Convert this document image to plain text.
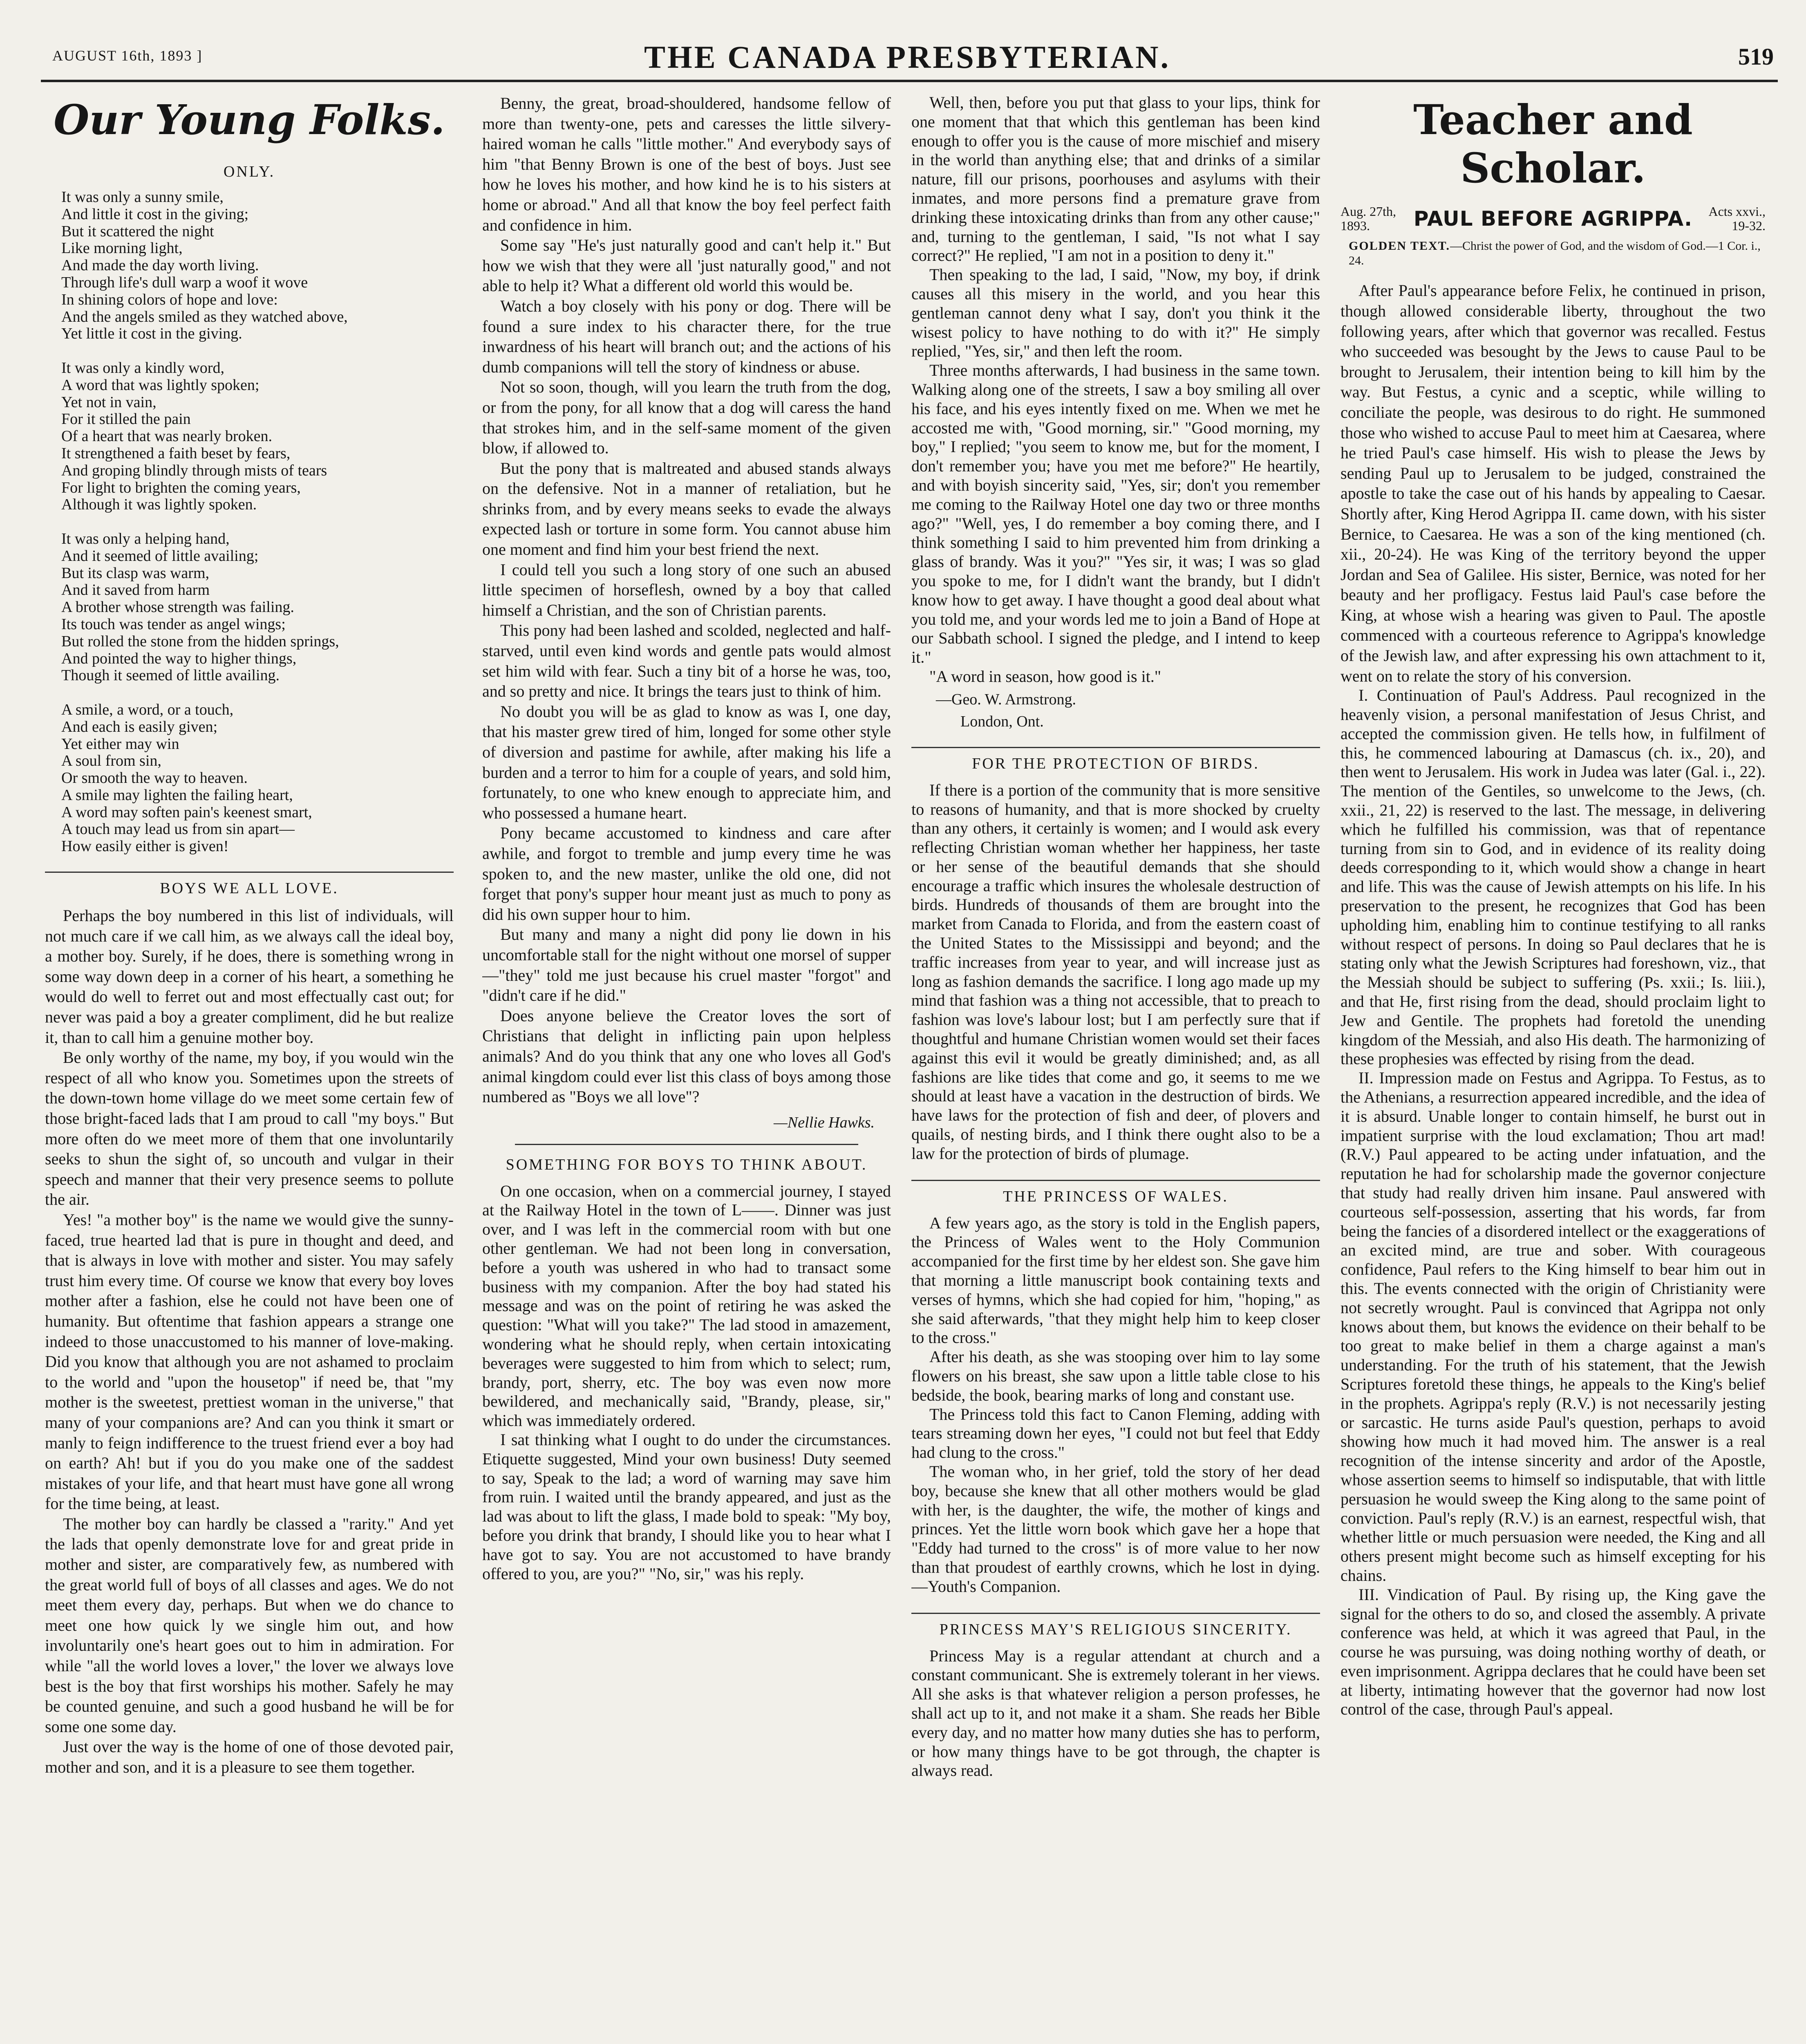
AUGUST 16th, 1893 ]	THE CANADA PRESBYTERIAN.	519
Our Young Folks.
ONLY.
It was only a sunny smile,
And little it cost in the giving;
But it scattered the night
Like morning light,
And made the day worth living.
Through life's dull warp a woof it wove
In shining colors of hope and love:
And the angels smiled as they watched above,
Yet little it cost in the giving.

It was only a kindly word,
A word that was lightly spoken;
Yet not in vain,
For it stilled the pain
Of a heart that was nearly broken.
It strengthened a faith beset by fears,
And groping blindly through mists of tears
For light to brighten the coming years,
Although it was lightly spoken.

It was only a helping hand,
And it seemed of little availing;
But its clasp was warm,
And it saved from harm
A brother whose strength was failing.
Its touch was tender as angel wings;
But rolled the stone from the hidden springs,
And pointed the way to higher things,
Though it seemed of little availing.

A smile, a word, or a touch,
And each is easily given;
Yet either may win
A soul from sin,
Or smooth the way to heaven.
A smile may lighten the failing heart,
A word may soften pain's keenest smart,
A touch may lead us from sin apart—
How easily either is given!
BOYS WE ALL LOVE.

Perhaps the boy numbered in this list of individuals, will not much care if we call him, as we always call the ideal boy, a mother boy. Surely, if he does, there is something wrong in some way down deep in a corner of his heart, a something he would do well to ferret out and most effectually cast out; for never was paid a boy a greater compliment, did he but realize it, than to call him a genuine mother boy.

Be only worthy of the name, my boy, if you would win the respect of all who know you. Sometimes upon the streets of the down-town home village do we meet some certain few of those bright-faced lads that I am proud to call "my boys." But more often do we meet more of them that one involuntarily seeks to shun the sight of, so uncouth and vulgar in their speech and manner that their very presence seems to pollute the air.

Yes! "a mother boy" is the name we would give the sunny-faced, true hearted lad that is pure in thought and deed, and that is always in love with mother and sister. You may safely trust him every time. Of course we know that every boy loves mother after a fashion, else he could not have been one of humanity. But oftentime that fashion appears a strange one indeed to those unaccustomed to his manner of love-making. Did you know that although you are not ashamed to proclaim to the world and "upon the housetop" if need be, that "my mother is the sweetest, prettiest woman in the universe," that many of your companions are? And can you think it smart or manly to feign indifference to the truest friend ever a boy had on earth? Ah! but if you do you make one of the saddest mistakes of your life, and that heart must have gone all wrong for the time being, at least.

The mother boy can hardly be classed a "rarity." And yet the lads that openly demonstrate love for and great pride in mother and sister, are comparatively few, as numbered with the great world full of boys of all classes and ages. We do not meet them every day, perhaps. But when we do chance to meet one how quick ly we single him out, and how involuntarily one's heart goes out to him in admiration. For while "all the world loves a lover," the lover we always love best is the boy that first worships his mother. Safely he may be counted genuine, and such a good husband he will be for some one some day.

Just over the way is the home of one of those devoted pair, mother and son, and it is a pleasure to see them together.

Benny, the great, broad-shouldered, handsome fellow of more than twenty-one, pets and caresses the little silvery-haired woman he calls "little mother." And everybody says of him "that Benny Brown is one of the best of boys. Just see how he loves his mother, and how kind he is to his sisters at home or abroad." And all that know the boy feel perfect faith and confidence in him.

Some say "He's just naturally good and can't help it." But how we wish that they were all 'just naturally good," and not able to help it? What a different old world this would be.

Watch a boy closely with his pony or dog. There will be found a sure index to his character there, for the true inwardness of his heart will branch out; and the actions of his dumb companions will tell the story of kindness or abuse.

Not so soon, though, will you learn the truth from the dog, or from the pony, for all know that a dog will caress the hand that strokes him, and in the self-same moment of the given blow, if allowed to.

But the pony that is maltreated and abused stands always on the defensive. Not in a manner of retaliation, but he shrinks from, and by every means seeks to evade the always expected lash or torture in some form. You cannot abuse him one moment and find him your best friend the next.

I could tell you such a long story of one such an abused little specimen of horseflesh, owned by a boy that called himself a Christian, and the son of Christian parents.

This pony had been lashed and scolded, neglected and half-starved, until even kind words and gentle pats would almost set him wild with fear. Such a tiny bit of a horse he was, too, and so pretty and nice. It brings the tears just to think of him.

No doubt you will be as glad to know as was I, one day, that his master grew tired of him, longed for some other style of diversion and pastime for awhile, after making his life a burden and a terror to him for a couple of years, and sold him, fortunately, to one who knew enough to appreciate him, and who possessed a humane heart.

Pony became accustomed to kindness and care after awhile, and forgot to tremble and jump every time he was spoken to, and the new master, unlike the old one, did not forget that pony's supper hour meant just as much to pony as did his own supper hour to him.

But many and many a night did pony lie down in his uncomfortable stall for the night without one morsel of supper—"they" told me just because his cruel master "forgot" and "didn't care if he did."

Does anyone believe the Creator loves the sort of Christians that delight in inflicting pain upon helpless animals? And do you think that any one who loves all God's animal kingdom could ever list this class of boys among those numbered as "Boys we all love"?

—Nellie Hawks.
SOMETHING FOR BOYS TO THINK ABOUT.

On one occasion, when on a commercial journey, I stayed at the Railway Hotel in the town of L——. Dinner was just over, and I was left in the commercial room with but one other gentleman. We had not been long in conversation, before a youth was ushered in who had to transact some business with my companion. After the boy had stated his message and was on the point of retiring he was asked the question: "What will you take?" The lad stood in amazement, wondering what he should reply, when certain intoxicating beverages were suggested to him from which to select; rum, brandy, port, sherry, etc. The boy was even now more bewildered, and mechanically said, "Brandy, please, sir," which was immediately ordered.

I sat thinking what I ought to do under the circumstances. Etiquette suggested, Mind your own business! Duty seemed to say, Speak to the lad; a word of warning may save him from ruin. I waited until the brandy appeared, and just as the lad was about to lift the glass, I made bold to speak: "My boy, before you drink that brandy, I should like you to hear what I have got to say. You are not accustomed to have brandy offered to you, are you?" "No, sir," was his reply.

Well, then, before you put that glass to your lips, think for one moment that that which this gentleman has been kind enough to offer you is the cause of more mischief and misery in the world than anything else; that and drinks of a similar nature, fill our prisons, poorhouses and asylums with their inmates, and more persons find a premature grave from drinking these intoxicating drinks than from any other cause;" and, turning to the gentleman, I said, "Is not what I say correct?" He replied, "I am not in a position to deny it."

Then speaking to the lad, I said, "Now, my boy, if drink causes all this misery in the world, and you hear this gentleman cannot deny what I say, don't you think it the wisest policy to have nothing to do with it?" He simply replied, "Yes, sir," and then left the room.

Three months afterwards, I had business in the same town. Walking along one of the streets, I saw a boy smiling all over his face, and his eyes intently fixed on me. When we met he accosted me with, "Good morning, sir." "Good morning, my boy," I replied; "you seem to know me, but for the moment, I don't remember you; have you met me before?" He heartily, and with boyish sincerity said, "Yes, sir; don't you remember me coming to the Railway Hotel one day two or three months ago?" "Well, yes, I do remember a boy coming there, and I think something I said to him prevented him from drinking a glass of brandy. Was it you?" "Yes sir, it was; I was so glad you spoke to me, for I didn't want the brandy, but I didn't know how to get away. I have thought a good deal about what you told me, and your words led me to join a Band of Hope at our Sabbath school. I signed the pledge, and I intend to keep it."

"A word in season, how good is it."

—Geo. W. Armstrong.
London, Ont.
FOR THE PROTECTION OF BIRDS.

If there is a portion of the community that is more sensitive to reasons of humanity, and that is more shocked by cruelty than any others, it certainly is women; and I would ask every reflecting Christian woman whether her happiness, her taste or her sense of the beautiful demands that she should encourage a traffic which insures the wholesale destruction of birds. Hundreds of thousands of them are brought into the market from Canada to Florida, and from the eastern coast of the United States to the Mississippi and beyond; and the traffic increases from year to year, and will increase just as long as fashion demands the sacrifice. I long ago made up my mind that fashion was a thing not accessible, that to preach to fashion was love's labour lost; but I am perfectly sure that if thoughtful and humane Christian women would set their faces against this evil it would be greatly diminished; and, as all fashions are like tides that come and go, it seems to me we should at least have a vacation in the destruction of birds. We have laws for the protection of fish and deer, of plovers and quails, of nesting birds, and I think there ought also to be a law for the protection of birds of plumage.

THE PRINCESS OF WALES.

A few years ago, as the story is told in the English papers, the Princess of Wales went to the Holy Communion accompanied for the first time by her eldest son. She gave him that morning a little manuscript book containing texts and verses of hymns, which she had copied for him, "hoping," as she said afterwards, "that they might help him to keep closer to the cross."

After his death, as she was stooping over him to lay some flowers on his breast, she saw upon a little table close to his bedside, the book, bearing marks of long and constant use.

The Princess told this fact to Canon Fleming, adding with tears streaming down her eyes, "I could not but feel that Eddy had clung to the cross."

The woman who, in her grief, told the story of her dead boy, because she knew that all other mothers would be glad with her, is the daughter, the wife, the mother of kings and princes. Yet the little worn book which gave her a hope that "Eddy had turned to the cross" is of more value to her now than that proudest of earthly crowns, which he lost in dying.—Youth's Companion.

PRINCESS MAY'S RELIGIOUS SINCERITY.

Princess May is a regular attendant at church and a constant communicant. She is extremely tolerant in her views. All she asks is that whatever religion a person professes, he shall act up to it, and not make it a sham. She reads her Bible every day, and no matter how many duties she has to perform, or how many things have to be got through, the chapter is always read.

Teacher and Scholar.
Aug. 27th, 1893.	PAUL BEFORE AGRIPPA.	Acts xxvi., 19-32.
GOLDEN TEXT.—Christ the power of God, and the wisdom of God.—1 Cor. i., 24.

After Paul's appearance before Felix, he continued in prison, though allowed considerable liberty, throughout the two following years, after which that governor was recalled. Festus who succeeded was besought by the Jews to cause Paul to be brought to Jerusalem, their intention being to kill him by the way. But Festus, a cynic and a sceptic, while willing to conciliate the people, was desirous to do right. He summoned those who wished to accuse Paul to meet him at Caesarea, where he tried Paul's case himself. His wish to please the Jews by sending Paul up to Jerusalem to be judged, constrained the apostle to take the case out of his hands by appealing to Caesar. Shortly after, King Herod Agrippa II. came down, with his sister Bernice, to Caesarea. He was a son of the king mentioned (ch. xii., 20-24). He was King of the territory beyond the upper Jordan and Sea of Galilee. His sister, Bernice, was noted for her beauty and her profligacy. Festus laid Paul's case before the King, at whose wish a hearing was given to Paul. The apostle commenced with a courteous reference to Agrippa's knowledge of the Jewish law, and after expressing his own attachment to it, went on to relate the story of his conversion.

I. Continuation of Paul's Address. Paul recognized in the heavenly vision, a personal manifestation of Jesus Christ, and accepted the commission given. He tells how, in fulfilment of this, he commenced labouring at Damascus (ch. ix., 20), and then went to Jerusalem. His work in Judea was later (Gal. i., 22). The mention of the Gentiles, so unwelcome to the Jews, (ch. xxii., 21, 22) is reserved to the last. The message, in delivering which he fulfilled his commission, was that of repentance turning from sin to God, and in evidence of its reality doing deeds corresponding to it, which would show a change in heart and life. This was the cause of Jewish attempts on his life. In his preservation to the present, he recognizes that God has been upholding him, enabling him to continue testifying to all ranks without respect of persons. In doing so Paul declares that he is stating only what the Jewish Scriptures had foreshown, viz., that the Messiah should be subject to suffering (Ps. xxii.; Is. liii.), and that He, first rising from the dead, should proclaim light to Jew and Gentile. The prophets had foretold the unending kingdom of the Messiah, and also His death. The harmonizing of these prophesies was effected by rising from the dead.

II. Impression made on Festus and Agrippa. To Festus, as to the Athenians, a resurrection appeared incredible, and the idea of it is absurd. Unable longer to contain himself, he burst out in impatient surprise with the loud exclamation; Thou art mad! (R.V.) Paul appeared to be acting under infatuation, and the reputation he had for scholarship made the governor conjecture that study had really driven him insane. Paul answered with courteous self-possession, asserting that his words, far from being the fancies of a disordered intellect or the exaggerations of an excited mind, are true and sober. With courageous confidence, Paul refers to the King himself to bear him out in this. The events connected with the origin of Christianity were not secretly wrought. Paul is convinced that Agrippa not only knows about them, but knows the evidence on their behalf to be too great to make belief in them a charge against a man's understanding. For the truth of his statement, that the Jewish Scriptures foretold these things, he appeals to the King's belief in the prophets. Agrippa's reply (R.V.) is not necessarily jesting or sarcastic. He turns aside Paul's question, perhaps to avoid showing how much it had moved him. The answer is a real recognition of the intense sincerity and ardor of the Apostle, whose assertion seems to himself so indisputable, that with little persuasion he would sweep the King along to the same point of conviction. Paul's reply (R.V.) is an earnest, respectful wish, that whether little or much persuasion were needed, the King and all others present might become such as himself excepting for his chains.

III. Vindication of Paul. By rising up, the King gave the signal for the others to do so, and closed the assembly. A private conference was held, at which it was agreed that Paul, in the course he was pursuing, was doing nothing worthy of death, or even imprisonment. Agrippa declares that he could have been set at liberty, intimating however that the governor had now lost control of the case, through Paul's appeal.
